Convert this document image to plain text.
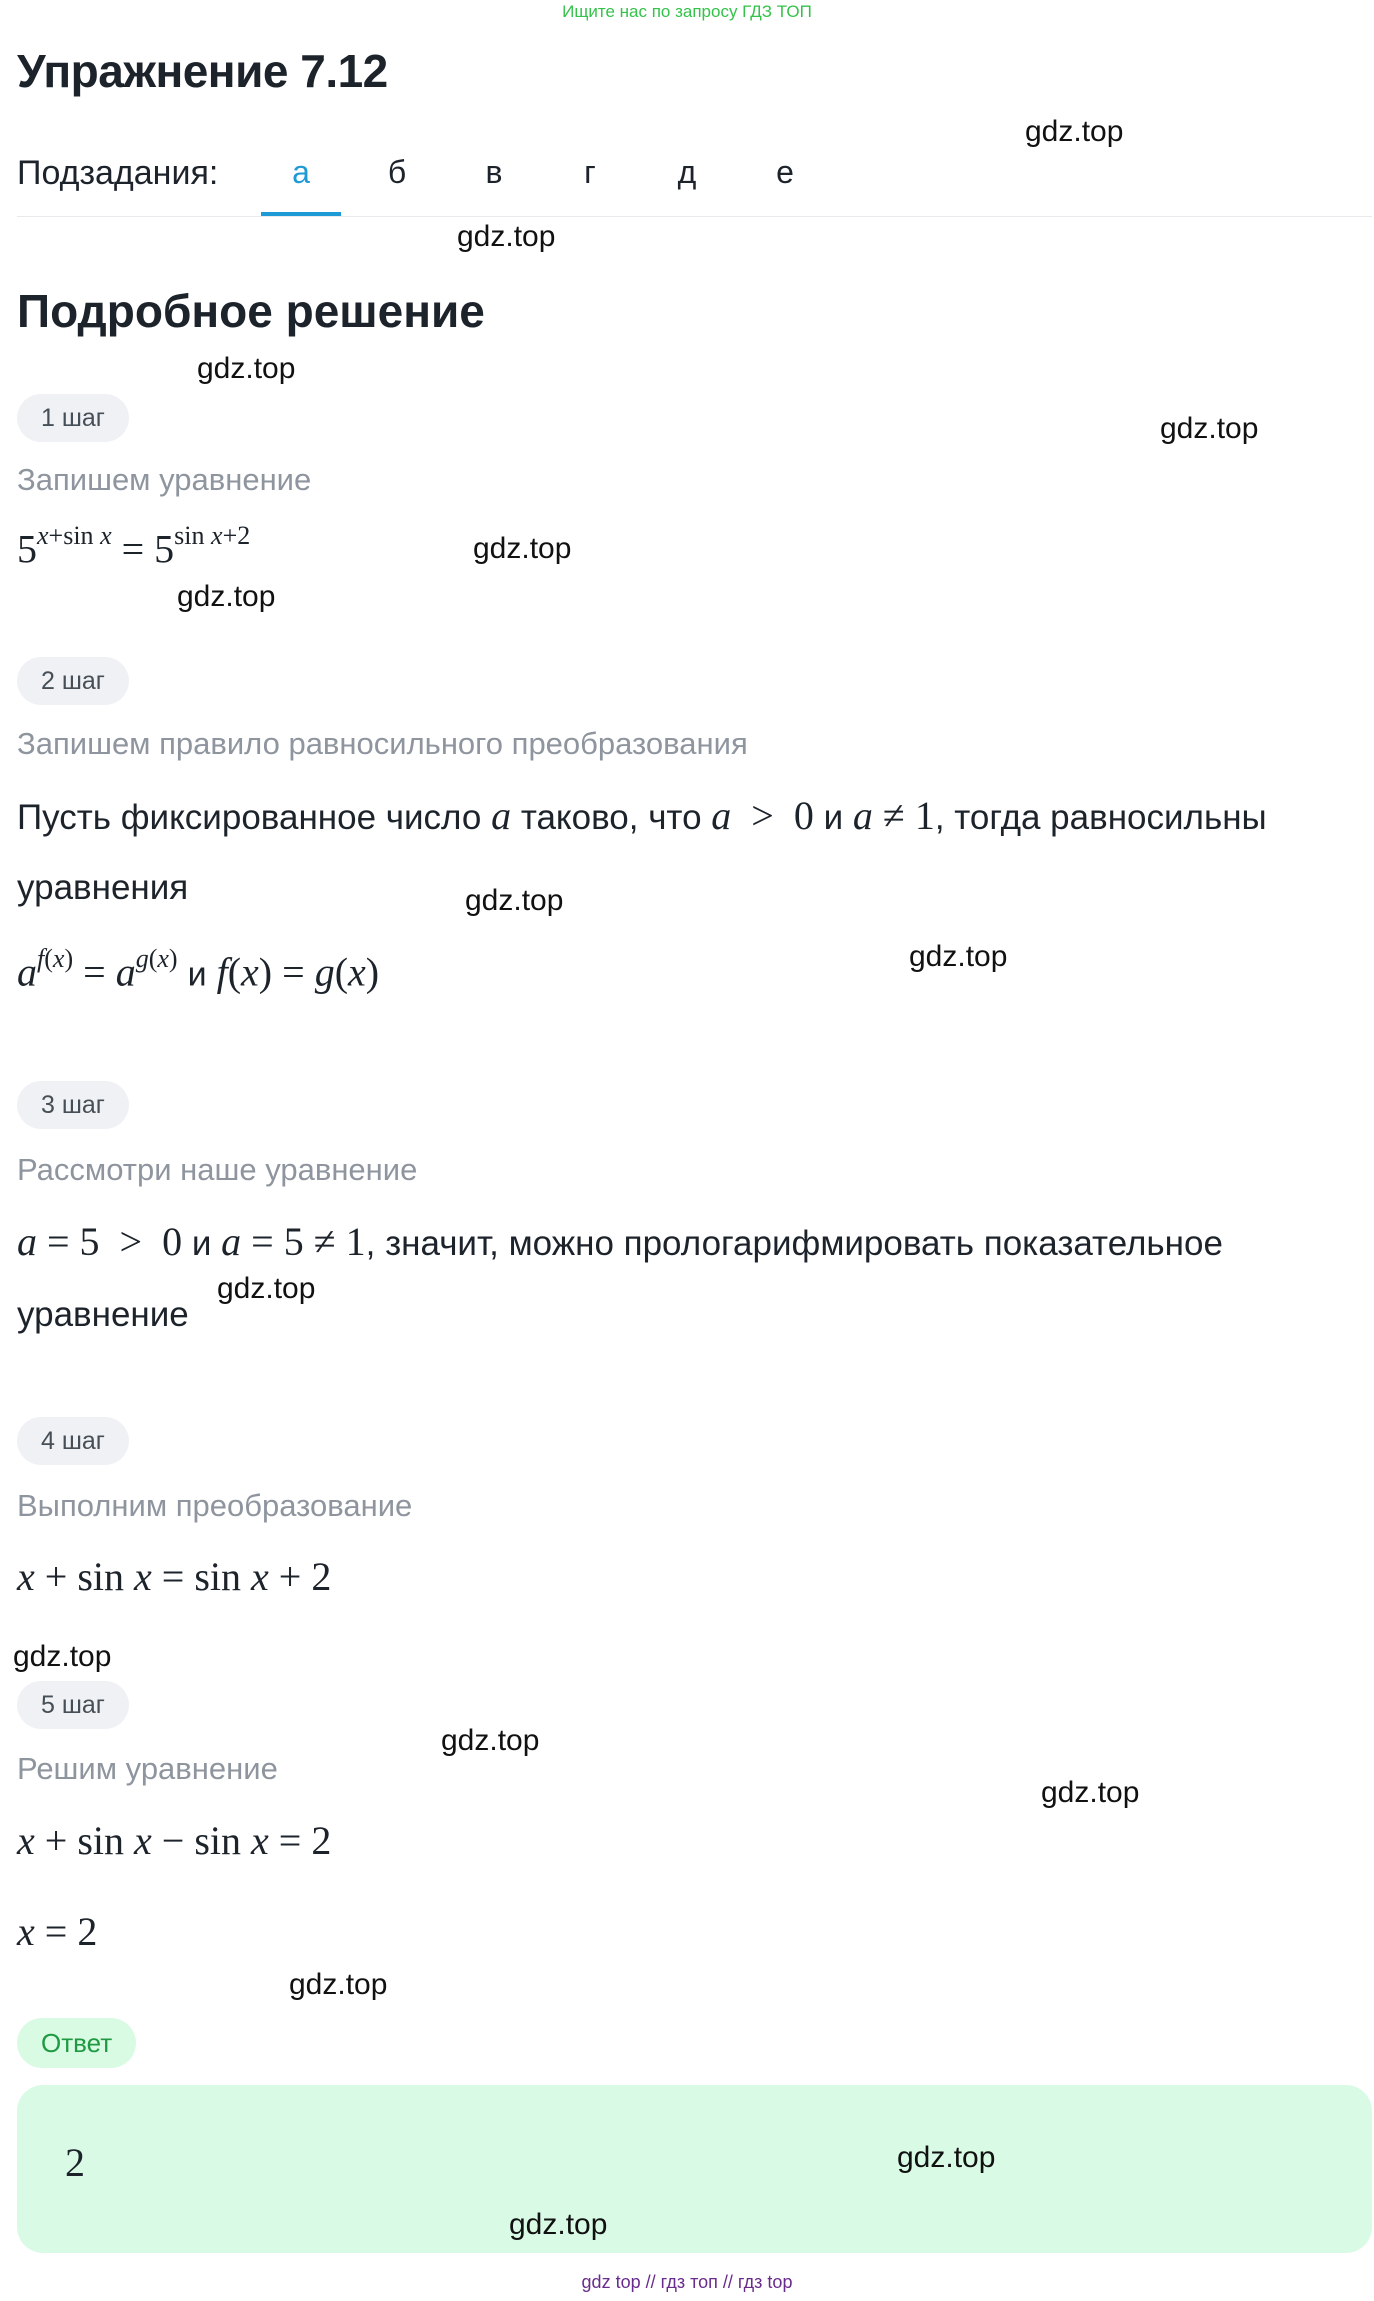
Ищите нас по запросу ГДЗ ТОП
Упражнение 7.12
Подзадания:	а	б	в	г	д	е
Подробное решение
1 шаг
Запишем уравнение
$5^{x+sin x} = 5^{sin x+2}$
2 шаг
Запишем правило равносильного преобразования
Пусть фиксированное число a таково, что a  >  0 и a ≠ 1, тогда равносильны
уравнения
$a^{f(x)} = a^{g(x)}$ и f(x) = g(x)
3 шаг
Рассмотри наше уравнение
a = 5  >  0 и a = 5 ≠ 1, значит, можно прологарифмировать показательное
уравнение
4 шаг
Выполним преобразование
x + sin x = sin x + 2
5 шаг
Решим уравнение
x + sin x − sin x = 2
x = 2
Ответ
2
gdz.top
gdz.top
gdz.top
gdz.top
gdz.top
gdz.top
gdz.top
gdz.top
gdz.top
gdz.top
gdz.top
gdz.top
gdz.top
gdz.top
gdz.top
gdz top // гдз топ // гдз top
